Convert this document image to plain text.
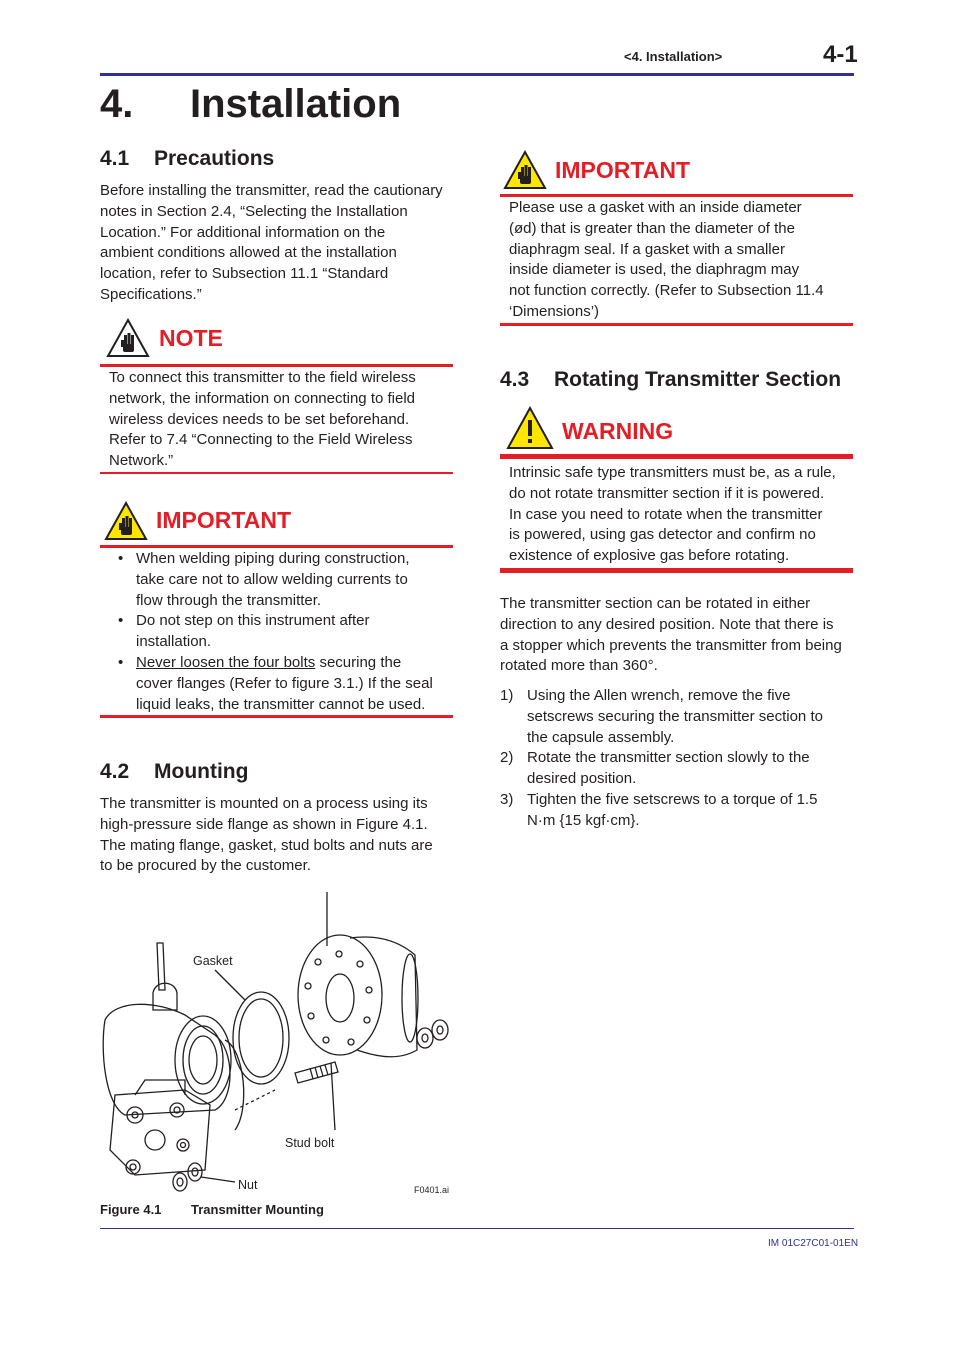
<4. Installation>	4-1
4. Installation
4.1 Precautions

Before installing the transmitter, read the cautionary

notes in Section 2.4, “Selecting the Installation

Location.” For additional information on the

ambient conditions allowed at the installation

location, refer to Subsection 11.1 “Standard

Specifications.”

NOTE

To connect this transmitter to the field wireless

network, the information on connecting to field

wireless devices needs to be set beforehand.

Refer to 7.4 “Connecting to the Field Wireless

Network.”

IMPORTANT
• When welding piping during construction,

take care not to allow welding currents to

flow through the transmitter.

• Do not step on this instrument after

installation.

• Never loosen the four bolts securing the

cover flanges (Refer to figure 3.1.) If the seal

liquid leaks, the transmitter cannot be used.

4.2 Mounting

The transmitter is mounted on a process using its

high-pressure side flange as shown in Figure 4.1.

The mating flange, gasket, stud bolts and nuts are

to be procured by the customer.

Gasket
Stud bolt
Nut	F0401.ai
Figure 4.1 Transmitter Mounting
IMPORTANT

Please use a gasket with an inside diameter

(ød) that is greater than the diameter of the

diaphragm seal. If a gasket with a smaller

inside diameter is used, the diaphragm may

not function correctly. (Refer to Subsection 11.4

‘Dimensions’)

4.3 Rotating Transmitter Section
WARNING

Intrinsic safe type transmitters must be, as a rule,

do not rotate transmitter section if it is powered.

In case you need to rotate when the transmitter

is powered, using gas detector and confirm no

existence of explosive gas before rotating.

The transmitter section can be rotated in either

direction to any desired position. Note that there is

a stopper which prevents the transmitter from being

rotated more than 360°.

1) Using the Allen wrench, remove the five

setscrews securing the transmitter section to

the capsule assembly.

2) Rotate the transmitter section slowly to the

desired position.

3) Tighten the five setscrews to a torque of 1.5

N·m {15 kgf·cm}.

IM 01C27C01-01EN
